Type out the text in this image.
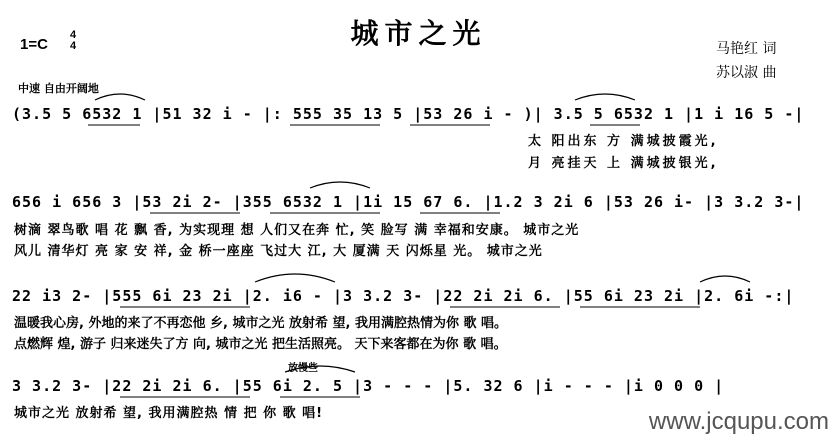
城市之光
1=C
4
4	马艳红 词
苏以淑 曲
中速 自由开阔地
(3.5 5 6532 1 |51 32 i - |: 555 35 13 5 |53 26 i - )| 3.5 5 6532 1 |1 i 16 5 -|
太 阳出东 方 满城披霞光,
月 亮挂天 上 满城披银光,
656 i 656 3 |53 2i 2- |355 6532 1 |1i 15 67 6. |1.2 3 2i 6 |53 26 i- |3 3.2 3-|
树滴 翠鸟歌 唱 花 飘 香, 为实现理 想 人们又在奔 忙, 笑 脸写 满 幸福和安康。 城市之光
风儿 清华灯 亮 家 安 祥, 金 桥一座座 飞过大 江, 大 厦满 天 闪烁星 光。 城市之光
22 i3 2- |555 6i 23 2i |2. i6 - |3 3.2 3- |22 2i 2i 6. |55 6i 23 2i |2. 6i -:|
温暖我心房, 外地的来了不再恋他 乡, 城市之光 放射希 望, 我用满腔热情为你 歌 唱。
点燃辉 煌, 游子 归来迷失了方 向, 城市之光 把生活照亮。 天下来客都在为你 歌 唱。
放慢些
3 3.2 3- |22 2i 2i 6. |55 6i 2. 5 |3 - - - |5. 32 6 |i - - - |i 0 0 0 |
城市之光 放射希 望, 我用满腔热 情 把 你 歌 唱!	www.jcqupu.com
